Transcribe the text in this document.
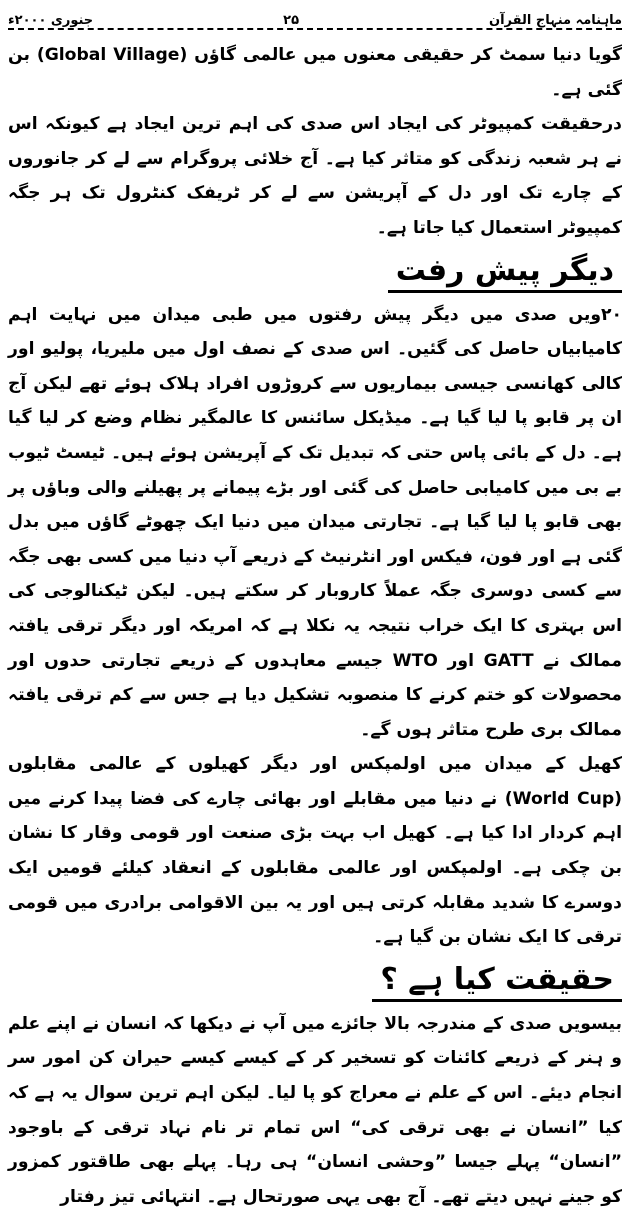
جنوری ۲۰۰۰ء	۲۵	ماہنامہ منہاج القرآن

گویا دنیا سمٹ کر حقیقی معنوں میں عالمی گاؤں (Global Village) بن گئی ہے۔

درحقیقت کمپیوٹر کی ایجاد اس صدی کی اہم ترین ایجاد ہے کیونکہ اس نے ہر شعبہ زندگی کو متاثر کیا ہے۔ آج خلائی پروگرام سے لے کر جانوروں کے چارے تک اور دل کے آپریشن سے لے کر ٹریفک کنٹرول تک ہر جگہ کمپیوٹر استعمال کیا جاتا ہے۔

دیگر پیش رفت

۲۰ویں صدی میں دیگر پیش رفتوں میں طبی میدان میں نہایت اہم کامیابیاں حاصل کی گئیں۔ اس صدی کے نصف اول میں ملیریا، پولیو اور کالی کھانسی جیسی بیماریوں سے کروڑوں افراد ہلاک ہوئے تھے لیکن آج ان پر قابو پا لیا گیا ہے۔ میڈیکل سائنس کا عالمگیر نظام وضع کر لیا گیا ہے۔ دل کے بائی پاس حتی کہ تبدیل تک کے آپریشن ہوئے ہیں۔ ٹیسٹ ٹیوب بے بی میں کامیابی حاصل کی گئی اور بڑے پیمانے پر پھیلنے والی وباؤں پر بھی قابو پا لیا گیا ہے۔ تجارتی میدان میں دنیا ایک چھوٹے گاؤں میں بدل گئی ہے اور فون، فیکس اور انٹرنیٹ کے ذریعے آپ دنیا میں کسی بھی جگہ سے کسی دوسری جگہ عملاً کاروبار کر سکتے ہیں۔ لیکن ٹیکنالوجی کی اس بہتری کا ایک خراب نتیجہ یہ نکلا ہے کہ امریکہ اور دیگر ترقی یافتہ ممالک نے GATT اور WTO جیسے معاہدوں کے ذریعے تجارتی حدوں اور محصولات کو ختم کرنے کا منصوبہ تشکیل دیا ہے جس سے کم ترقی یافتہ ممالک بری طرح متاثر ہوں گے۔

کھیل کے میدان میں اولمپکس اور دیگر کھیلوں کے عالمی مقابلوں (World Cup) نے دنیا میں مقابلے اور بھائی چارے کی فضا پیدا کرنے میں اہم کردار ادا کیا ہے۔ کھیل اب بہت بڑی صنعت اور قومی وقار کا نشان بن چکی ہے۔ اولمپکس اور عالمی مقابلوں کے انعقاد کیلئے قومیں ایک دوسرے کا شدید مقابلہ کرتی ہیں اور یہ بین الاقوامی برادری میں قومی ترقی کا ایک نشان بن گیا ہے۔

حقیقت کیا ہے ؟

بیسویں صدی کے مندرجہ بالا جائزے میں آپ نے دیکھا کہ انسان نے اپنے علم و ہنر کے ذریعے کائنات کو تسخیر کر کے کیسے کیسے حیران کن امور سر انجام دیئے۔ اس کے علم نے معراج کو پا لیا۔ لیکن اہم ترین سوال یہ ہے کہ کیا ”انسان نے بھی ترقی کی“ اس تمام تر نام نہاد ترقی کے باوجود ”انسان“ پہلے جیسا ”وحشی انسان“ ہی رہا۔ پہلے بھی طاقتور کمزور کو جینے نہیں دیتے تھے۔ آج بھی یہی صورتحال ہے۔ انتہائی تیز رفتار
